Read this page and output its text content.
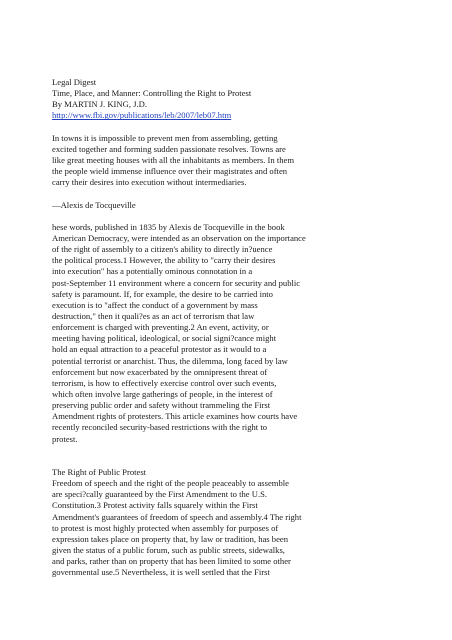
Legal Digest
Time, Place, and Manner: Controlling the Right to Protest
By MARTIN J. KING, J.D.
http://www.fbi.gov/publications/leb/2007/leb07.htm
In towns it is impossible to prevent men from assembling, getting
excited together and forming sudden passionate resolves. Towns are
like great meeting houses with all the inhabitants as members. In them
the people wield immense influence over their magistrates and often
carry their desires into execution without intermediaries.
—Alexis de Tocqueville
hese words, published in 1835 by Alexis de Tocqueville in the book
American Democracy, were intended as an observation on the importance
of the right of assembly to a citizen's ability to directly in?uence
the political process.1 However, the ability to "carry their desires
into execution" has a potentially ominous connotation in a
post-September 11 environment where a concern for security and public
safety is paramount. If, for example, the desire to be carried into
execution is to "affect the conduct of a government by mass
destruction," then it quali?es as an act of terrorism that law
enforcement is charged with preventing.2 An event, activity, or
meeting having political, ideological, or social signi?cance might
hold an equal attraction to a peaceful protestor as it would to a
potential terrorist or anarchist. Thus, the dilemma, long faced by law
enforcement but now exacerbated by the omnipresent threat of
terrorism, is how to effectively exercise control over such events,
which often involve large gatherings of people, in the interest of
preserving public order and safety without trammeling the First
Amendment rights of protesters. This article examines how courts have
recently reconciled security-based restrictions with the right to
protest.
The Right of Public Protest
Freedom of speech and the right of the people peaceably to assemble
are speci?cally guaranteed by the First Amendment to the U.S.
Constitution.3 Protest activity falls squarely within the First
Amendment's guarantees of freedom of speech and assembly.4 The right
to protest is most highly protected when assembly for purposes of
expression takes place on property that, by law or tradition, has been
given the status of a public forum, such as public streets, sidewalks,
and parks, rather than on property that has been limited to some other
governmental use.5 Nevertheless, it is well settled that the First
